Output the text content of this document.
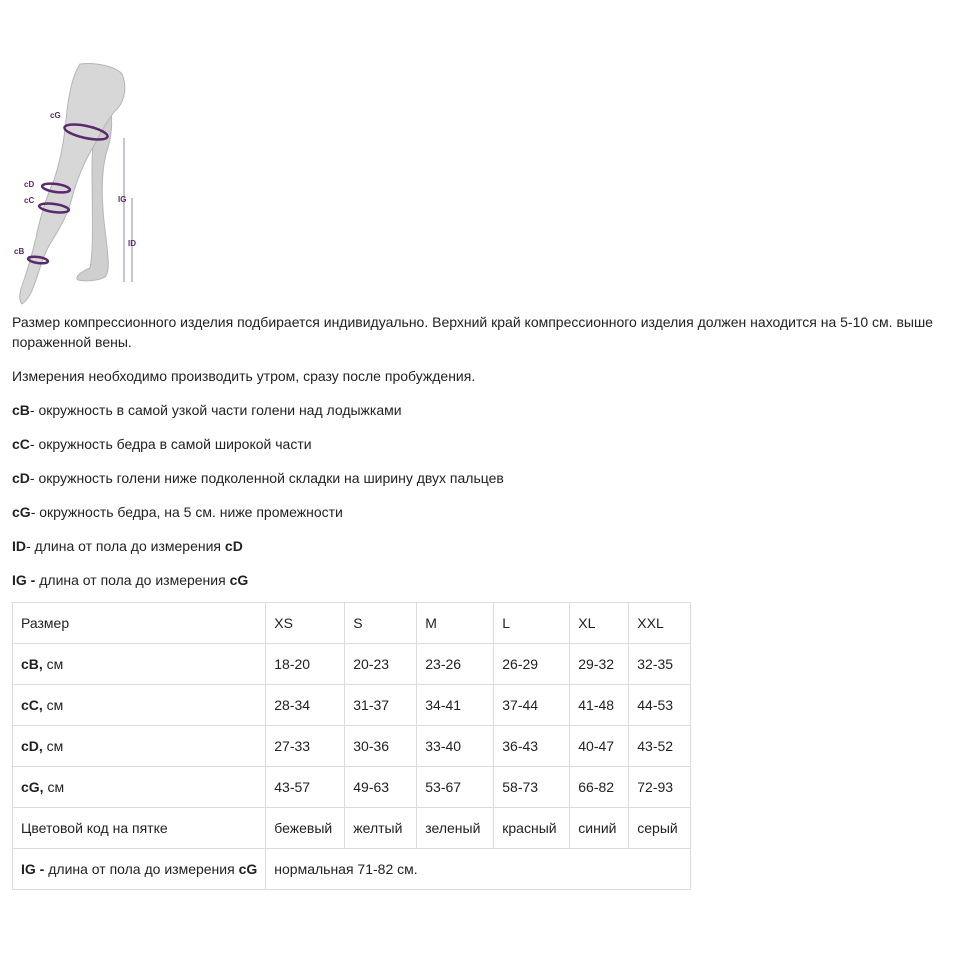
cG
cD
cC
cB
IG
ID

Размер компрессионного изделия подбирается индивидуально. Верхний край компрессионного изделия должен находится на 5-10 см. выше
пораженной вены.

Измерения необходимо производить утром, сразу после пробуждения.

cB- окружность в самой узкой части голени над лодыжками

cC- окружность бедра в самой широкой части

cD- окружность голени ниже подколенной складки на ширину двух пальцев

cG- окружность бедра, на 5 см. ниже промежности

ID- длина от пола до измерения cD

IG - длина от пола до измерения cG

Размер	XS	S	M	L	XL	XXL
cB, см	18-20	20-23	23-26	26-29	29-32	32-35
cC, см	28-34	31-37	34-41	37-44	41-48	44-53
cD, см	27-33	30-36	33-40	36-43	40-47	43-52
cG, см	43-57	49-63	53-67	58-73	66-82	72-93
Цветовой код на пятке	бежевый	желтый	зеленый	красный	синий	серый
IG - длина от пола до измерения cG	нормальная 71-82 см.					
